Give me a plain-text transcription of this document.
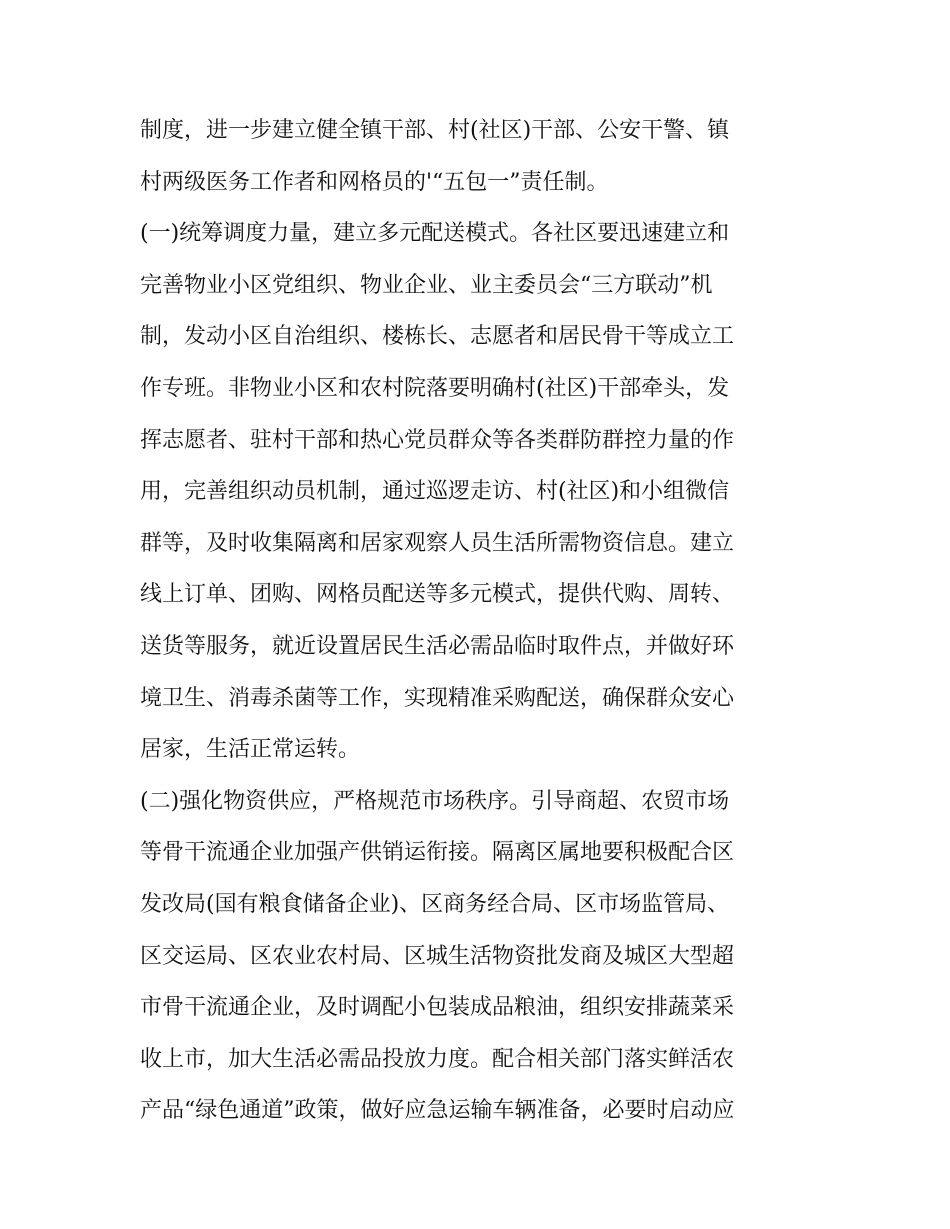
制度，进一步建立健全镇干部、村(社区)干部、公安干警、镇
村两级医务工作者和网格员的'“五包一”责任制。
(一)统筹调度力量，建立多元配送模式。各社区要迅速建立和
完善物业小区党组织、物业企业、业主委员会“三方联动”机
制，发动小区自治组织、楼栋长、志愿者和居民骨干等成立工
作专班。非物业小区和农村院落要明确村(社区)干部牵头，发
挥志愿者、驻村干部和热心党员群众等各类群防群控力量的作
用，完善组织动员机制，通过巡逻走访、村(社区)和小组微信
群等，及时收集隔离和居家观察人员生活所需物资信息。建立
线上订单、团购、网格员配送等多元模式，提供代购、周转、
送货等服务，就近设置居民生活必需品临时取件点，并做好环
境卫生、消毒杀菌等工作，实现精准采购配送，确保群众安心
居家，生活正常运转。
(二)强化物资供应，严格规范市场秩序。引导商超、农贸市场
等骨干流通企业加强产供销运衔接。隔离区属地要积极配合区
发改局(国有粮食储备企业)、区商务经合局、区市场监管局、
区交运局、区农业农村局、区城生活物资批发商及城区大型超
市骨干流通企业，及时调配小包装成品粮油，组织安排蔬菜采
收上市，加大生活必需品投放力度。配合相关部门落实鲜活农
产品“绿色通道”政策，做好应急运输车辆准备，必要时启动应
